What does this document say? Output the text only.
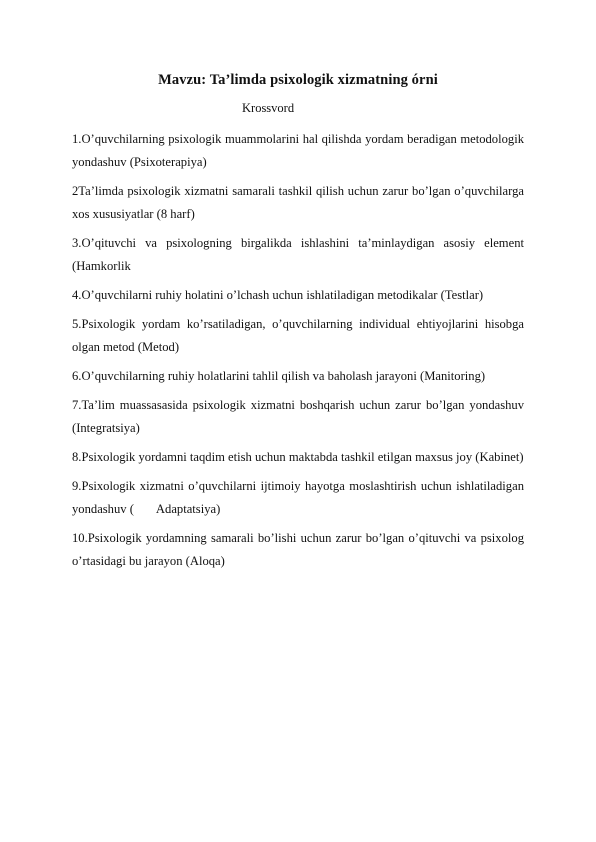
Mavzu: Ta’limda psixologik xizmatning órni
Krossvord

1.O’quvchilarning psixologik muammolarini hal qilishda yordam beradigan metodologik yondashuv (Psixoterapiya)

2Ta’limda psixologik xizmatni samarali tashkil qilish uchun zarur bo’lgan o’quvchilarga xos xususiyatlar (8 harf)

3.O’qituvchi va psixologning birgalikda ishlashini ta’minlaydigan asosiy element (Hamkorlik

4.O’quvchilarni ruhiy holatini o’lchash uchun ishlatiladigan metodikalar (Testlar)

5.Psixologik yordam ko’rsatiladigan, o’quvchilarning individual ehtiyojlarini hisobga olgan metod (Metod)

6.O’quvchilarning ruhiy holatlarini tahlil qilish va baholash jarayoni (Manitoring)

7.Ta’lim muassasasida psixologik xizmatni boshqarish uchun zarur bo’lgan yondashuv (Integratsiya)

8.Psixologik yordamni taqdim etish uchun maktabda tashkil etilgan maxsus joy (Kabinet)

9.Psixologik xizmatni o’quvchilarni ijtimoiy hayotga moslashtirish uchun ishlatiladigan yondashuv ( Adaptatsiya)

10.Psixologik yordamning samarali bo’lishi uchun zarur bo’lgan o’qituvchi va psixolog o’rtasidagi bu jarayon (Aloqa)
